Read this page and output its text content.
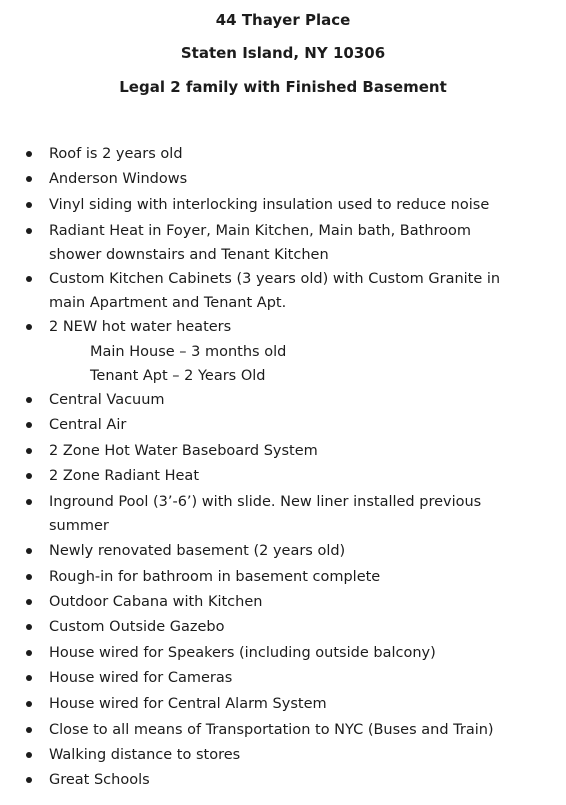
44 Thayer Place
Staten Island, NY 10306
Legal 2 family with Finished Basement
Roof is 2 years old
Anderson Windows
Vinyl siding with interlocking insulation used to reduce noise
Radiant Heat in Foyer, Main Kitchen, Main bath, Bathroom
shower downstairs and Tenant Kitchen
Custom Kitchen Cabinets (3 years old) with Custom Granite in
main Apartment and Tenant Apt.
2 NEW hot water heaters
Main House – 3 months old
Tenant Apt – 2 Years Old
Central Vacuum
Central Air
2 Zone Hot Water Baseboard System
2 Zone Radiant Heat
Inground Pool (3’-6’) with slide. New liner installed previous
summer
Newly renovated basement (2 years old)
Rough-in for bathroom in basement complete
Outdoor Cabana with Kitchen
Custom Outside Gazebo
House wired for Speakers (including outside balcony)
House wired for Cameras
House wired for Central Alarm System
Close to all means of Transportation to NYC (Buses and Train)
Walking distance to stores
Great Schools
